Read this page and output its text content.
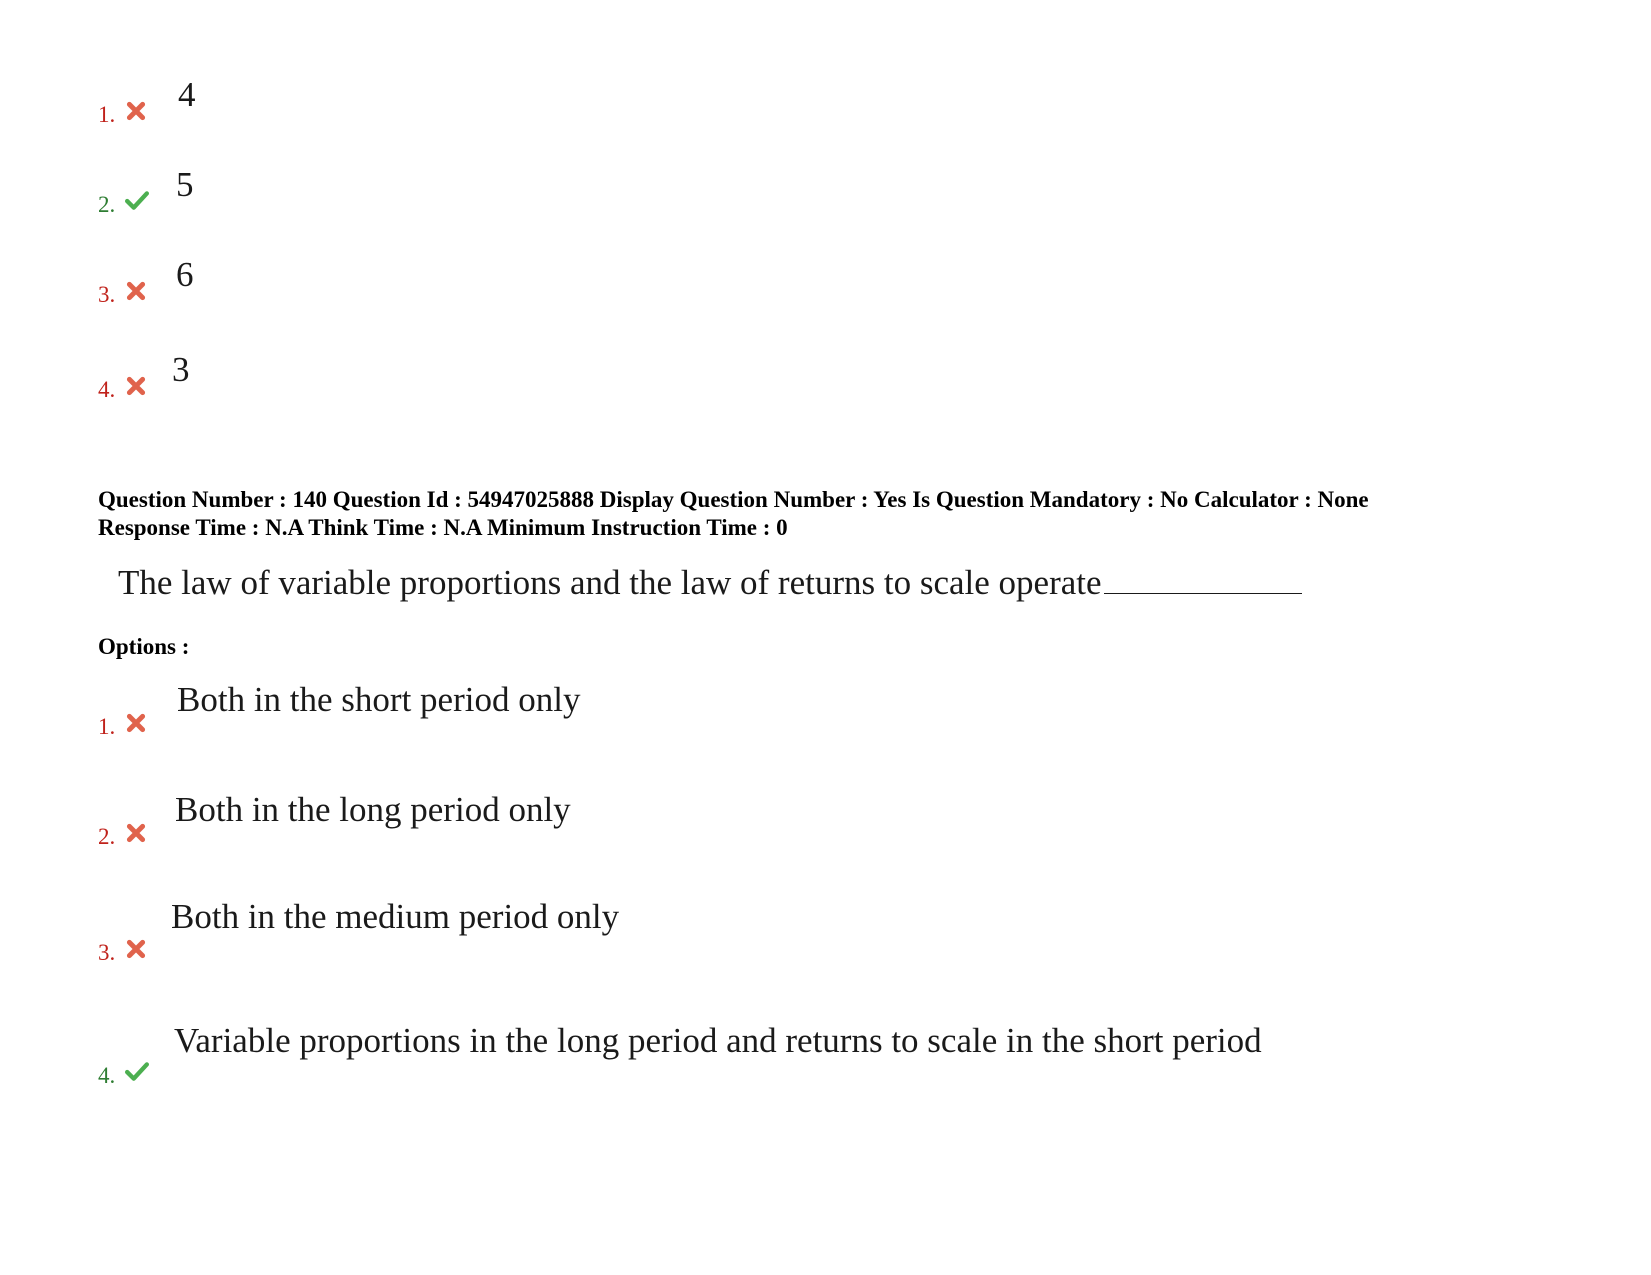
1.
4
2.
5
3.
6
4.
3
Question Number : 140 Question Id : 54947025888 Display Question Number : Yes Is Question Mandatory : No Calculator : None
Response Time : N.A Think Time : N.A Minimum Instruction Time : 0
The law of variable proportions and the law of returns to scale operate
Options :
1.
Both in the short period only
2.
Both in the long period only
3.
Both in the medium period only
4.
Variable proportions in the long period and returns to scale in the short period
